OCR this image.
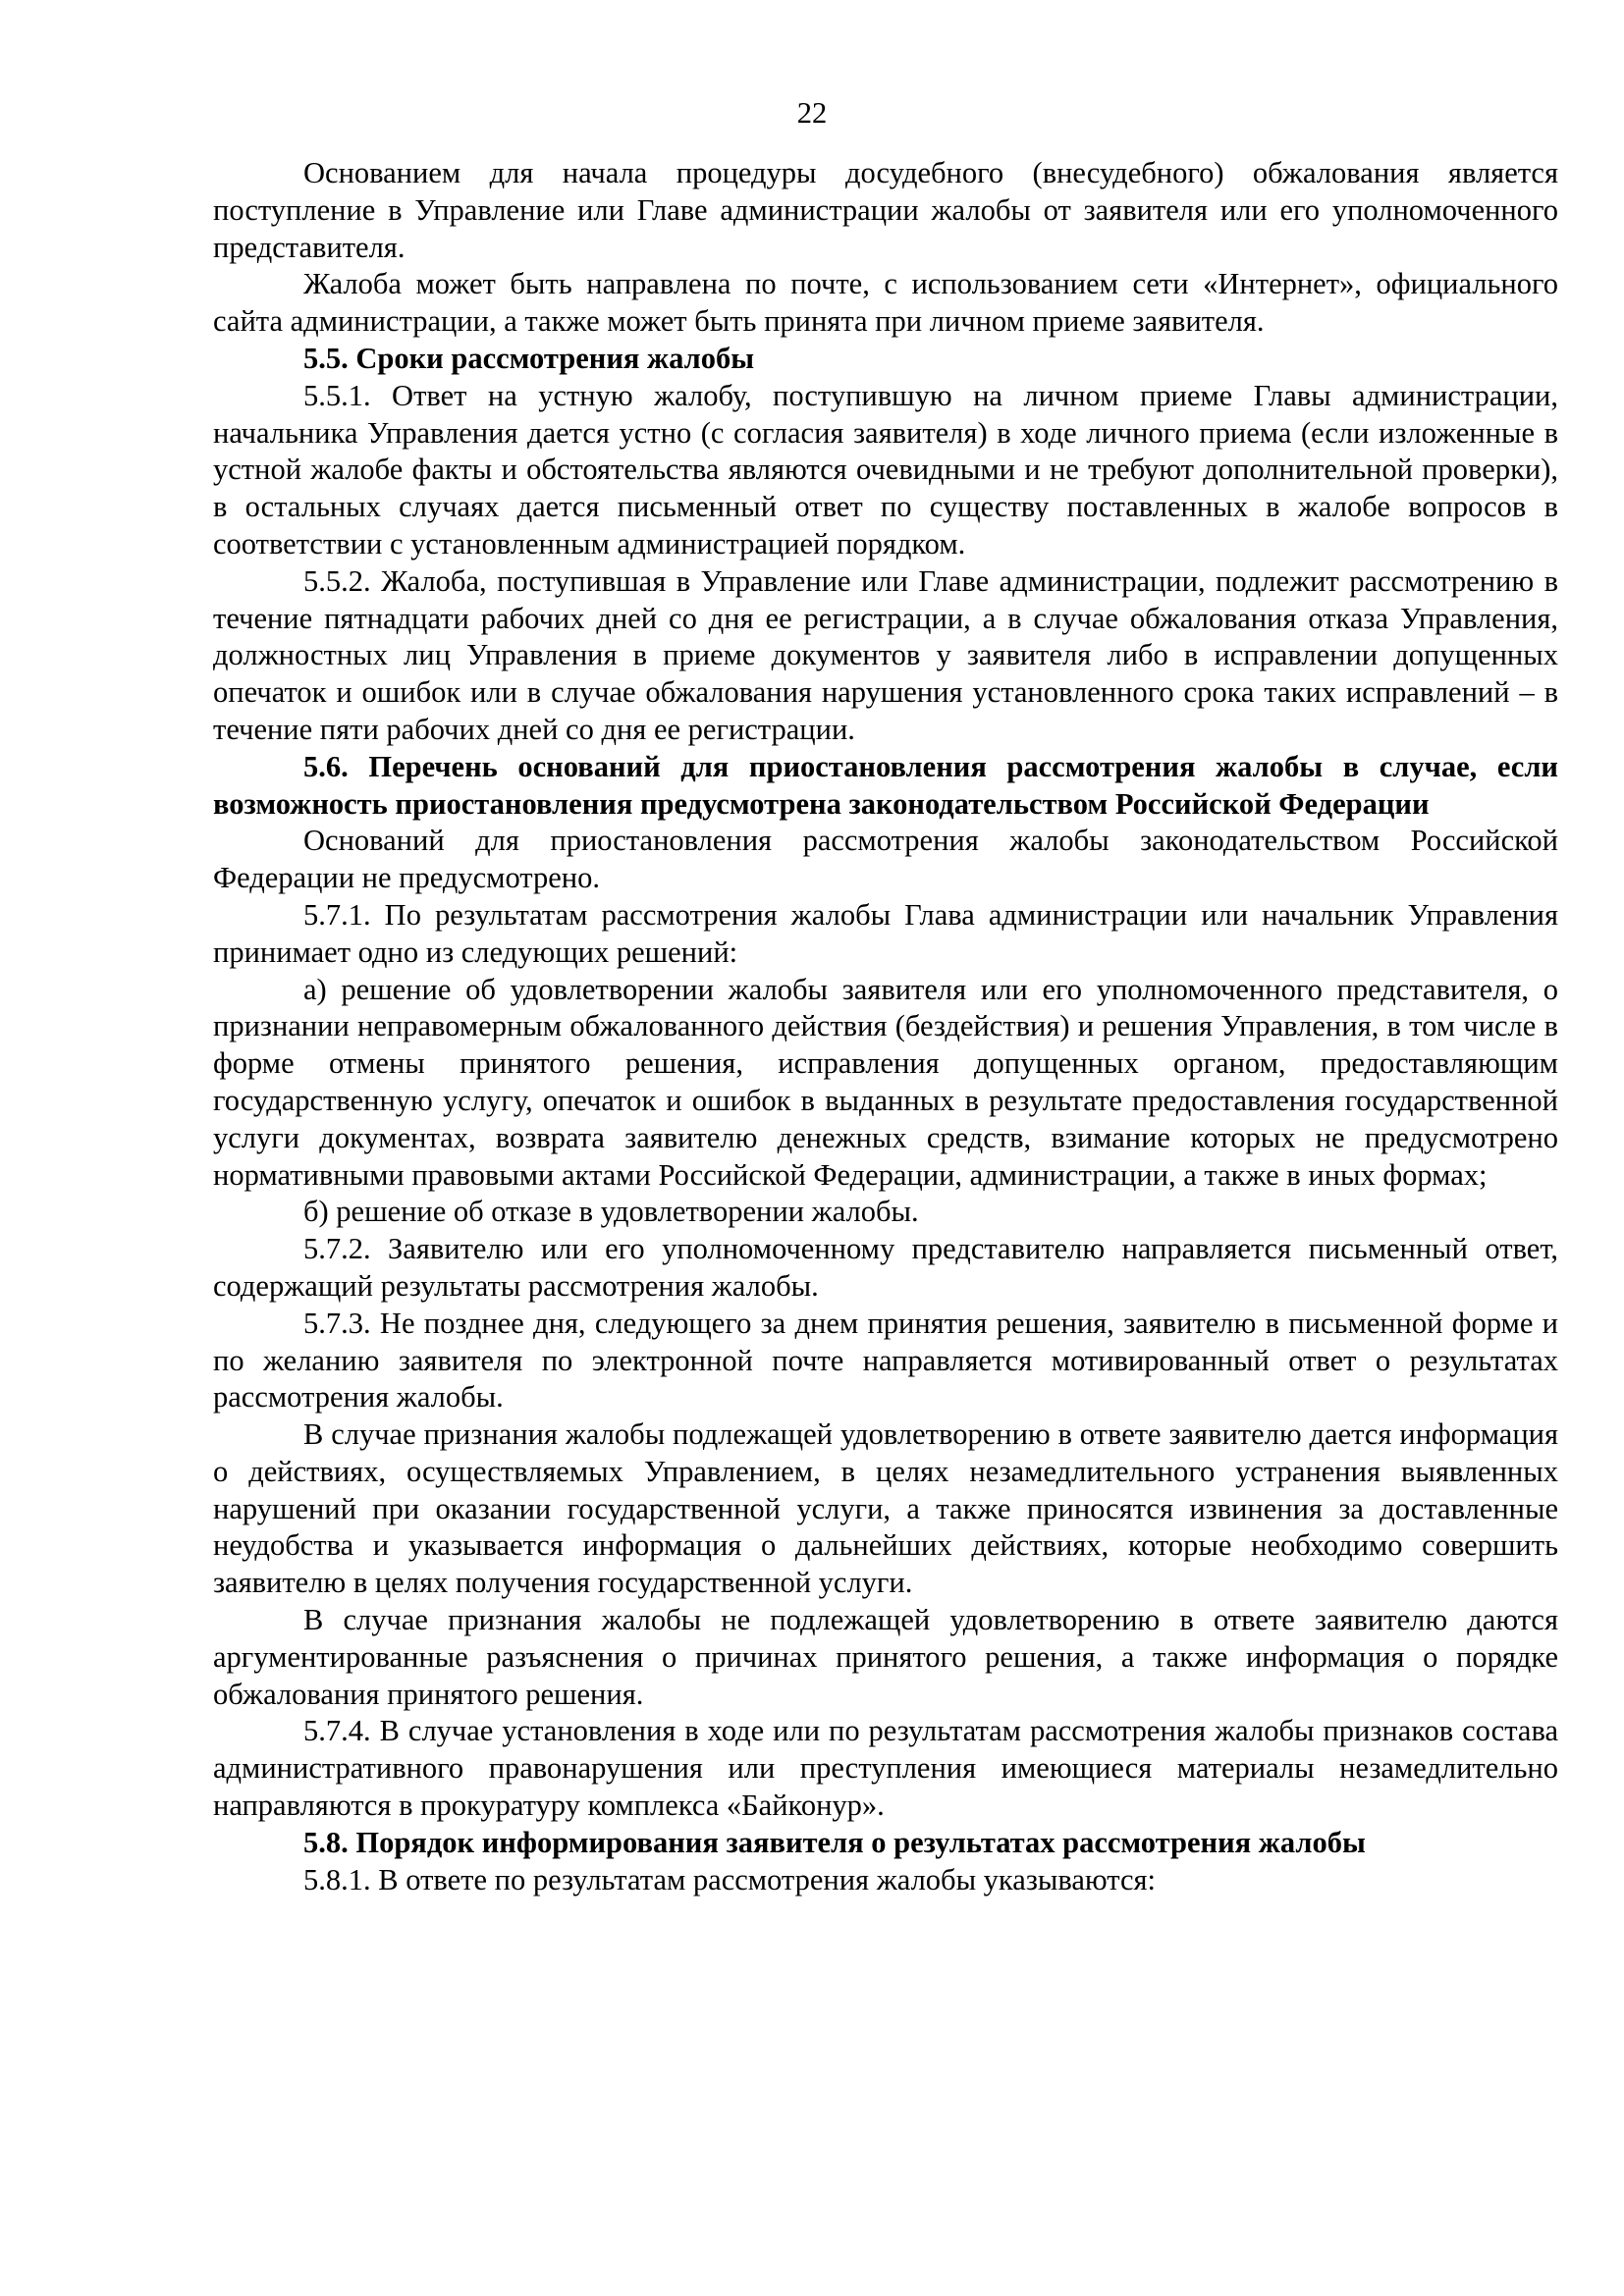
22

Основанием для начала процедуры досудебного (внесудебного) обжалования является поступление в Управление или Главе администрации жалобы от заявителя или его уполномоченного представителя.

Жалоба может быть направлена по почте, с использованием сети «Интернет», официального сайта администрации, а также может быть принята при личном приеме заявителя.

5.5. Сроки рассмотрения жалобы

5.5.1. Ответ на устную жалобу, поступившую на личном приеме Главы администрации, начальника Управления дается устно (с согласия заявителя) в ходе личного приема (если изложенные в устной жалобе факты и обстоятельства являются очевидными и не требуют дополнительной проверки), в остальных случаях дается письменный ответ по существу поставленных в жалобе вопросов в соответствии с установленным администрацией порядком.

5.5.2. Жалоба, поступившая в Управление или Главе администрации, подлежит рассмотрению в течение пятнадцати рабочих дней со дня ее регистрации, а в случае обжалования отказа Управления, должностных лиц Управления в приеме документов у заявителя либо в исправлении допущенных опечаток и ошибок или в случае обжалования нарушения установленного срока таких исправлений – в течение пяти рабочих дней со дня ее регистрации.

5.6. Перечень оснований для приостановления рассмотрения жалобы в случае, если возможность приостановления предусмотрена законодательством Российской Федерации

Оснований для приостановления рассмотрения жалобы законодательством Российской Федерации не предусмотрено.

5.7.1. По результатам рассмотрения жалобы Глава администрации или начальник Управления принимает одно из следующих решений:

а) решение об удовлетворении жалобы заявителя или его уполномоченного представителя, о признании неправомерным обжалованного действия (бездействия) и решения Управления, в том числе в форме отмены принятого решения, исправления допущенных органом, предоставляющим государственную услугу, опечаток и ошибок в выданных в результате предоставления государственной услуги документах, возврата заявителю денежных средств, взимание которых не предусмотрено нормативными правовыми актами Российской Федерации, администрации, а также в иных формах;

б) решение об отказе в удовлетворении жалобы.

5.7.2. Заявителю или его уполномоченному представителю направляется письменный ответ, содержащий результаты рассмотрения жалобы.

5.7.3. Не позднее дня, следующего за днем принятия решения, заявителю в письменной форме и по желанию заявителя по электронной почте направляется мотивированный ответ о результатах рассмотрения жалобы.

В случае признания жалобы подлежащей удовлетворению в ответе заявителю дается информация о действиях, осуществляемых Управлением, в целях незамедлительного устранения выявленных нарушений при оказании государственной услуги, а также приносятся извинения за доставленные неудобства и указывается информация о дальнейших действиях, которые необходимо совершить заявителю в целях получения государственной услуги.

В случае признания жалобы не подлежащей удовлетворению в ответе заявителю даются аргументированные разъяснения о причинах принятого решения, а также информация о порядке обжалования принятого решения.

5.7.4. В случае установления в ходе или по результатам рассмотрения жалобы признаков состава административного правонарушения или преступления имеющиеся материалы незамедлительно направляются в прокуратуру комплекса «Байконур».

5.8. Порядок информирования заявителя о результатах рассмотрения жалобы

5.8.1. В ответе по результатам рассмотрения жалобы указываются:
